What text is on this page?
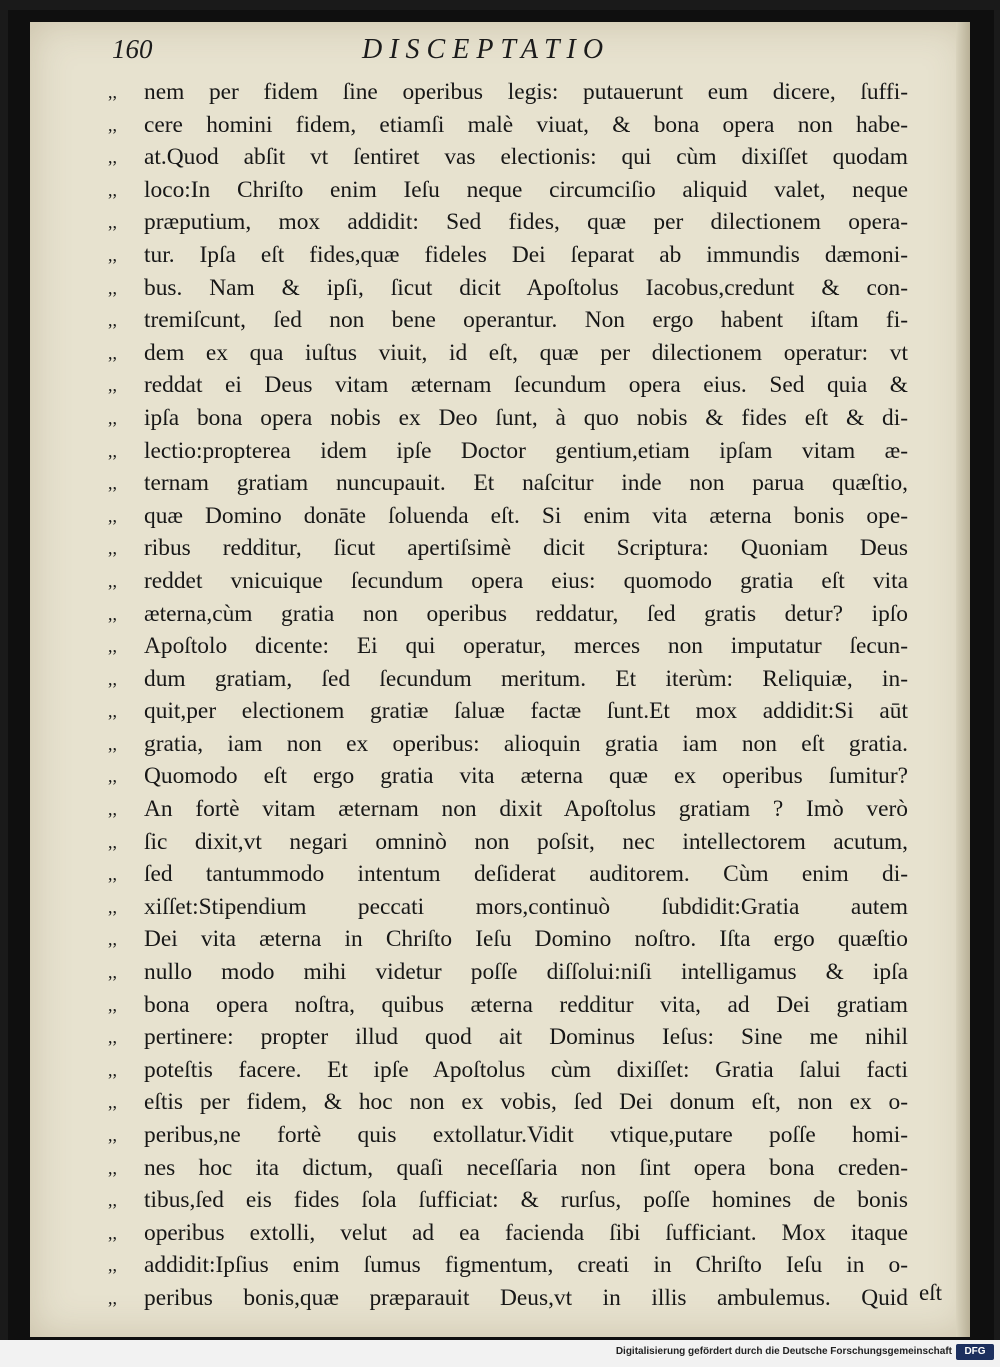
160	DISCEPTATIO
,,	nem per fidem ſine operibus legis: putauerunt eum dicere, ſuffi-
,,	cere homini fidem, etiamſi malè viuat, & bona opera non habe-
,,	at.Quod abſit vt ſentiret vas electionis: qui cùm dixiſſet quodam
,,	loco:In Chriſto enim Ieſu neque circumciſio aliquid valet, neque
,,	præputium, mox addidit: Sed fides, quæ per dilectionem opera-
,,	tur. Ipſa eſt fides,quæ fideles Dei ſeparat ab immundis dæmoni-
,,	bus. Nam & ipſi, ſicut dicit Apoſtolus Iacobus,credunt & con-
,,	tremiſcunt, ſed non bene operantur. Non ergo habent iſtam fi-
,,	dem ex qua iuſtus viuit, id eſt, quæ per dilectionem operatur: vt
,,	reddat ei Deus vitam æternam ſecundum opera eius. Sed quia &
,,	ipſa bona opera nobis ex Deo ſunt, à quo nobis & fides eſt & di-
,,	lectio:propterea idem ipſe Doctor gentium,etiam ipſam vitam æ-
,,	ternam gratiam nuncupauit. Et naſcitur inde non parua quæſtio,
,,	quæ Domino donāte ſoluenda eſt. Si enim vita æterna bonis ope-
,,	ribus redditur, ſicut apertiſsimè dicit Scriptura: Quoniam Deus
,,	reddet vnicuique ſecundum opera eius: quomodo gratia eſt vita
,,	æterna,cùm gratia non operibus reddatur, ſed gratis detur? ipſo
,,	Apoſtolo dicente: Ei qui operatur, merces non imputatur ſecun-
,,	dum gratiam, ſed ſecundum meritum. Et iterùm: Reliquiæ, in-
,,	quit,per electionem gratiæ ſaluæ factæ ſunt.Et mox addidit:Si aūt
,,	gratia, iam non ex operibus: alioquin gratia iam non eſt gratia.
,,	Quomodo eſt ergo gratia vita æterna quæ ex operibus ſumitur?
,,	An fortè vitam æternam non dixit Apoſtolus gratiam ? Imò verò
,,	ſic dixit,vt negari omninò non poſsit, nec intellectorem acutum,
,,	ſed tantummodo intentum deſiderat auditorem. Cùm enim di-
,,	xiſſet:Stipendium peccati mors,continuò ſubdidit:Gratia autem
,,	Dei vita æterna in Chriſto Ieſu Domino noſtro. Iſta ergo quæſtio
,,	nullo modo mihi videtur poſſe diſſolui:niſi intelligamus & ipſa
,,	bona opera noſtra, quibus æterna redditur vita, ad Dei gratiam
,,	pertinere: propter illud quod ait Dominus Ieſus: Sine me nihil
,,	poteſtis facere. Et ipſe Apoſtolus cùm dixiſſet: Gratia ſalui facti
,,	eſtis per fidem, & hoc non ex vobis, ſed Dei donum eſt, non ex o-
,,	peribus,ne fortè quis extollatur.Vidit vtique,putare poſſe homi-
,,	nes hoc ita dictum, quaſi neceſſaria non ſint opera bona creden-
,,	tibus,ſed eis fides ſola ſufficiat: & rurſus, poſſe homines de bonis
,,	operibus extolli, velut ad ea facienda ſibi ſufficiant. Mox itaque
,,	addidit:Ipſius enim ſumus figmentum, creati in Chriſto Ieſu in o-
,,	peribus bonis,quæ præparauit Deus,vt in illis ambulemus. Quid eſt
Digitalisierung gefördert durch die Deutsche Forschungsgemeinschaft	DFG
